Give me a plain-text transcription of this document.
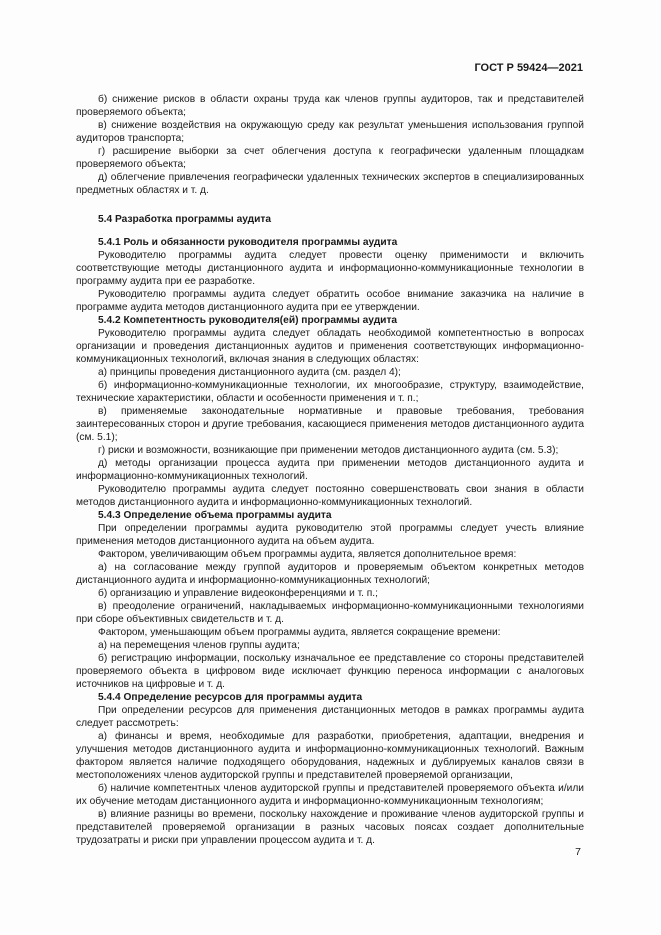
ГОСТ Р 59424—2021

б) снижение рисков в области охраны труда как членов группы аудиторов, так и представителей проверяемого объекта;

в) снижение воздействия на окружающую среду как результат уменьшения использования группой аудиторов транспорта;

г) расширение выборки за счет облегчения доступа к географически удаленным площадкам проверяемого объекта;

д) облегчение привлечения географически удаленных технических экспертов в специализированных предметных областях и т. д.

5.4 Разработка программы аудита

5.4.1 Роль и обязанности руководителя программы аудита

Руководителю программы аудита следует провести оценку применимости и включить соответствующие методы дистанционного аудита и информационно-коммуникационные технологии в программу аудита при ее разработке.

Руководителю программы аудита следует обратить особое внимание заказчика на наличие в программе аудита методов дистанционного аудита при ее утверждении.

5.4.2 Компетентность руководителя(ей) программы аудита

Руководителю программы аудита следует обладать необходимой компетентностью в вопросах организации и проведения дистанционных аудитов и применения соответствующих информационно-коммуникационных технологий, включая знания в следующих областях:

а) принципы проведения дистанционного аудита (см. раздел 4);

б) информационно-коммуникационные технологии, их многообразие, структуру, взаимодействие, технические характеристики, области и особенности применения и т. п.;

в) применяемые законодательные нормативные и правовые требования, требования заинтересованных сторон и другие требования, касающиеся применения методов дистанционного аудита (см. 5.1);

г) риски и возможности, возникающие при применении методов дистанционного аудита (см. 5.3);

д) методы организации процесса аудита при применении методов дистанционного аудита и информационно-коммуникационных технологий.

Руководителю программы аудита следует постоянно совершенствовать свои знания в области методов дистанционного аудита и информационно-коммуникационных технологий.

5.4.3 Определение объема программы аудита

При определении программы аудита руководителю этой программы следует учесть влияние применения методов дистанционного аудита на объем аудита.

Фактором, увеличивающим объем программы аудита, является дополнительное время:

а) на согласование между группой аудиторов и проверяемым объектом конкретных методов дистанционного аудита и информационно-коммуникационных технологий;

б) организацию и управление видеоконференциями и т. п.;

в) преодоление ограничений, накладываемых информационно-коммуникационными технологиями при сборе объективных свидетельств и т. д.

Фактором, уменьшающим объем программы аудита, является сокращение времени:

а) на перемещения членов группы аудита;

б) регистрацию информации, поскольку изначальное ее представление со стороны представителей проверяемого объекта в цифровом виде исключает функцию переноса информации с аналоговых источников на цифровые и т. д.

5.4.4 Определение ресурсов для программы аудита

При определении ресурсов для применения дистанционных методов в рамках программы аудита следует рассмотреть:

а) финансы и время, необходимые для разработки, приобретения, адаптации, внедрения и улучшения методов дистанционного аудита и информационно-коммуникационных технологий. Важным фактором является наличие подходящего оборудования, надежных и дублируемых каналов связи в местоположениях членов аудиторской группы и представителей проверяемой организации,

б) наличие компетентных членов аудиторской группы и представителей проверяемого объекта и/или их обучение методам дистанционного аудита и информационно-коммуникационным технологиям;

в) влияние разницы во времени, поскольку нахождение и проживание членов аудиторской группы и представителей проверяемой организации в разных часовых поясах создает дополнительные трудозатраты и риски при управлении процессом аудита и т. д.

7
